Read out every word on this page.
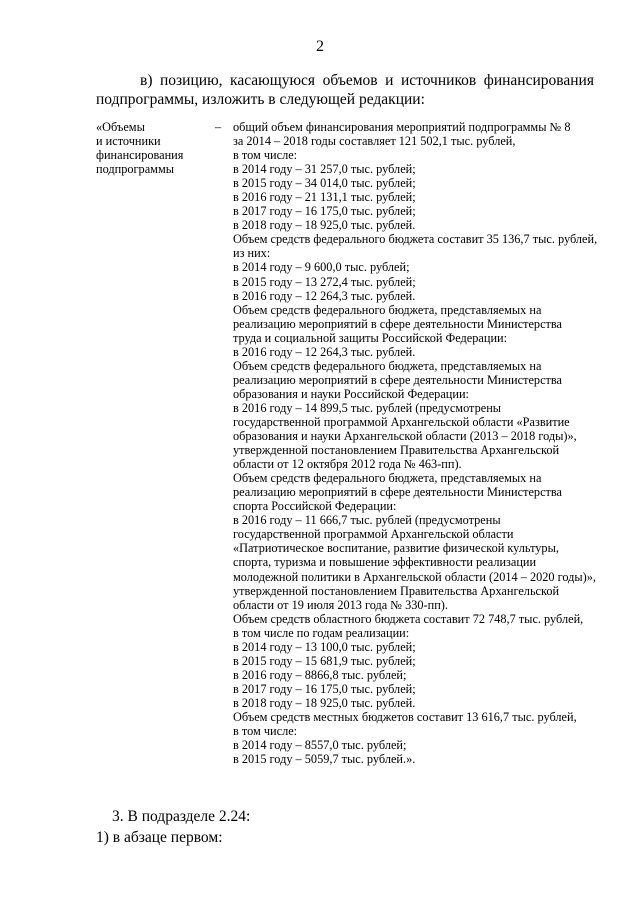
2
в) позицию, касающуюся объемов и источников финансирования
подпрограммы, изложить в следующей редакции:
«Объемы
и источники
финансирования
подпрограммы
– общий объем финансирования мероприятий подпрограммы № 8
за 2014 – 2018 годы составляет 121 502,1 тыс. рублей,
в том числе:
в 2014 году – 31 257,0 тыс. рублей;
в 2015 году – 34 014,0 тыс. рублей;
в 2016 году – 21 131,1 тыс. рублей;
в 2017 году – 16 175,0 тыс. рублей;
в 2018 году – 18 925,0 тыс. рублей.
Объем средств федерального бюджета составит 35 136,7 тыс. рублей,
из них:
в 2014 году – 9 600,0 тыс. рублей;
в 2015 году – 13 272,4 тыс. рублей;
в 2016 году – 12 264,3 тыс. рублей.
Объем средств федерального бюджета, представляемых на
реализацию мероприятий в сфере деятельности Министерства
труда и социальной защиты Российской Федерации:
в 2016 году – 12 264,3 тыс. рублей.
Объем средств федерального бюджета, представляемых на
реализацию мероприятий в сфере деятельности Министерства
образования и науки Российской Федерации:
в 2016 году – 14 899,5 тыс. рублей (предусмотрены
государственной программой Архангельской области «Развитие
образования и науки Архангельской области (2013 – 2018 годы)»,
утвержденной постановлением Правительства Архангельской
области от 12 октября 2012 года № 463-пп).
Объем средств федерального бюджета, представляемых на
реализацию мероприятий в сфере деятельности Министерства
спорта Российской Федерации:
в 2016 году – 11 666,7 тыс. рублей (предусмотрены
государственной программой Архангельской области
«Патриотическое воспитание, развитие физической культуры,
спорта, туризма и повышение эффективности реализации
молодежной политики в Архангельской области (2014 – 2020 годы)»,
утвержденной постановлением Правительства Архангельской
области от 19 июля 2013 года № 330-пп).
Объем средств областного бюджета составит 72 748,7 тыс. рублей,
в том числе по годам реализации:
в 2014 году – 13 100,0 тыс. рублей;
в 2015 году – 15 681,9 тыс. рублей;
в 2016 году – 8866,8 тыс. рублей;
в 2017 году – 16 175,0 тыс. рублей;
в 2018 году – 18 925,0 тыс. рублей.
Объем средств местных бюджетов составит 13 616,7 тыс. рублей,
в том числе:
в 2014 году – 8557,0 тыс. рублей;
в 2015 году – 5059,7 тыс. рублей.».
3. В подразделе 2.24:
1) в абзаце первом:
